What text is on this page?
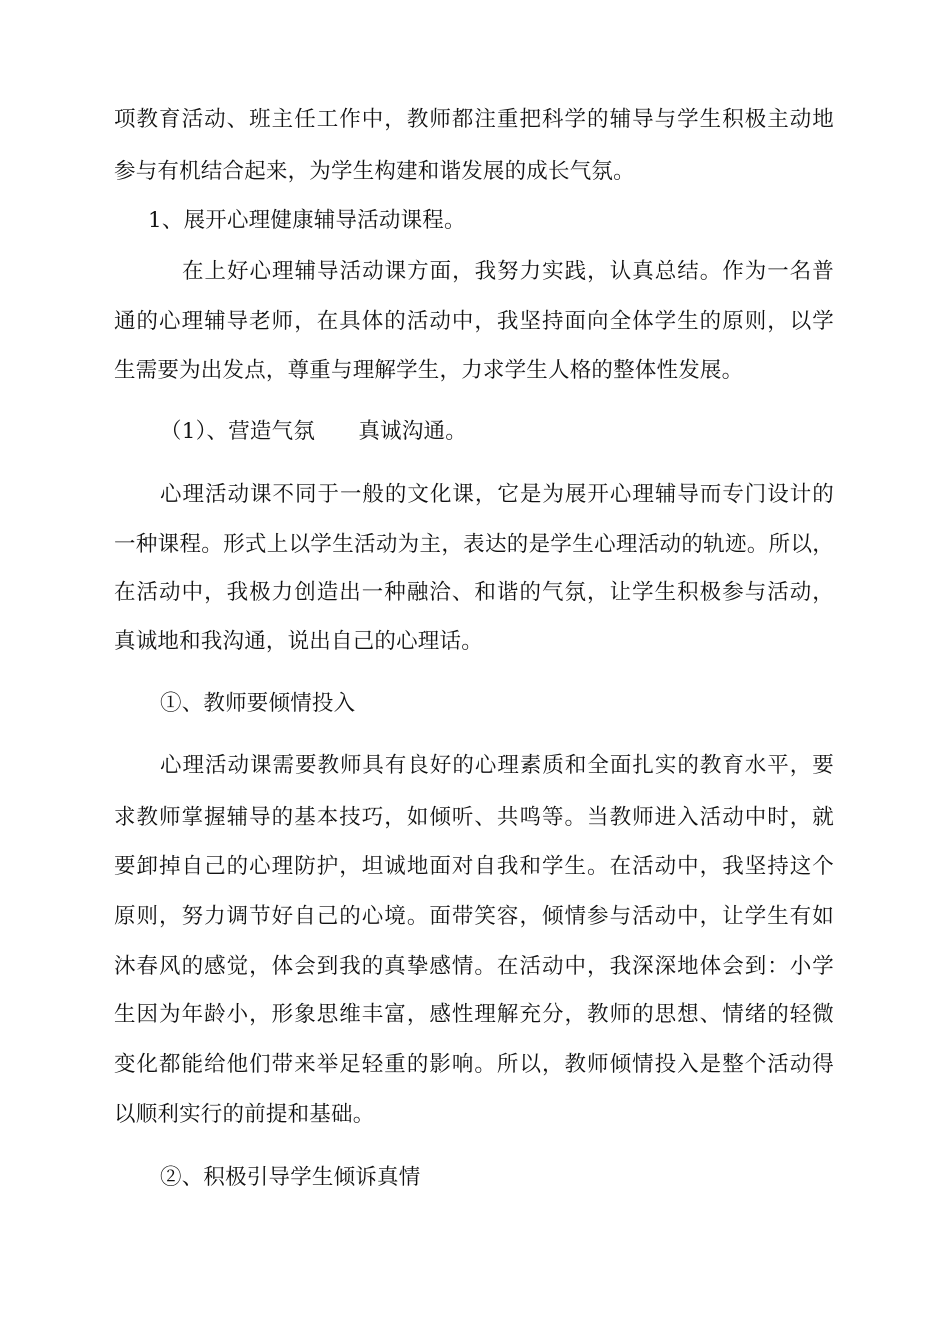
项教育活动、班主任工作中，教师都注重把科学的辅导与学生积极主动地
参与有机结合起来，为学生构建和谐发展的成长气氛。
1、展开心理健康辅导活动课程。
在上好心理辅导活动课方面，我努力实践，认真总结。作为一名普
通的心理辅导老师，在具体的活动中，我坚持面向全体学生的原则，以学
生需要为出发点，尊重与理解学生，力求学生人格的整体性发展。
（1）、营造气氛　　真诚沟通。
心理活动课不同于一般的文化课，它是为展开心理辅导而专门设计的
一种课程。形式上以学生活动为主，表达的是学生心理活动的轨迹。所以，
在活动中，我极力创造出一种融洽、和谐的气氛，让学生积极参与活动，
真诚地和我沟通，说出自己的心理话。
①、教师要倾情投入
心理活动课需要教师具有良好的心理素质和全面扎实的教育水平，要
求教师掌握辅导的基本技巧，如倾听、共鸣等。当教师进入活动中时，就
要卸掉自己的心理防护，坦诚地面对自我和学生。在活动中，我坚持这个
原则，努力调节好自己的心境。面带笑容，倾情参与活动中，让学生有如
沐春风的感觉，体会到我的真挚感情。在活动中，我深深地体会到：小学
生因为年龄小，形象思维丰富，感性理解充分，教师的思想、情绪的轻微
变化都能给他们带来举足轻重的影响。所以，教师倾情投入是整个活动得
以顺利实行的前提和基础。
②、积极引导学生倾诉真情
